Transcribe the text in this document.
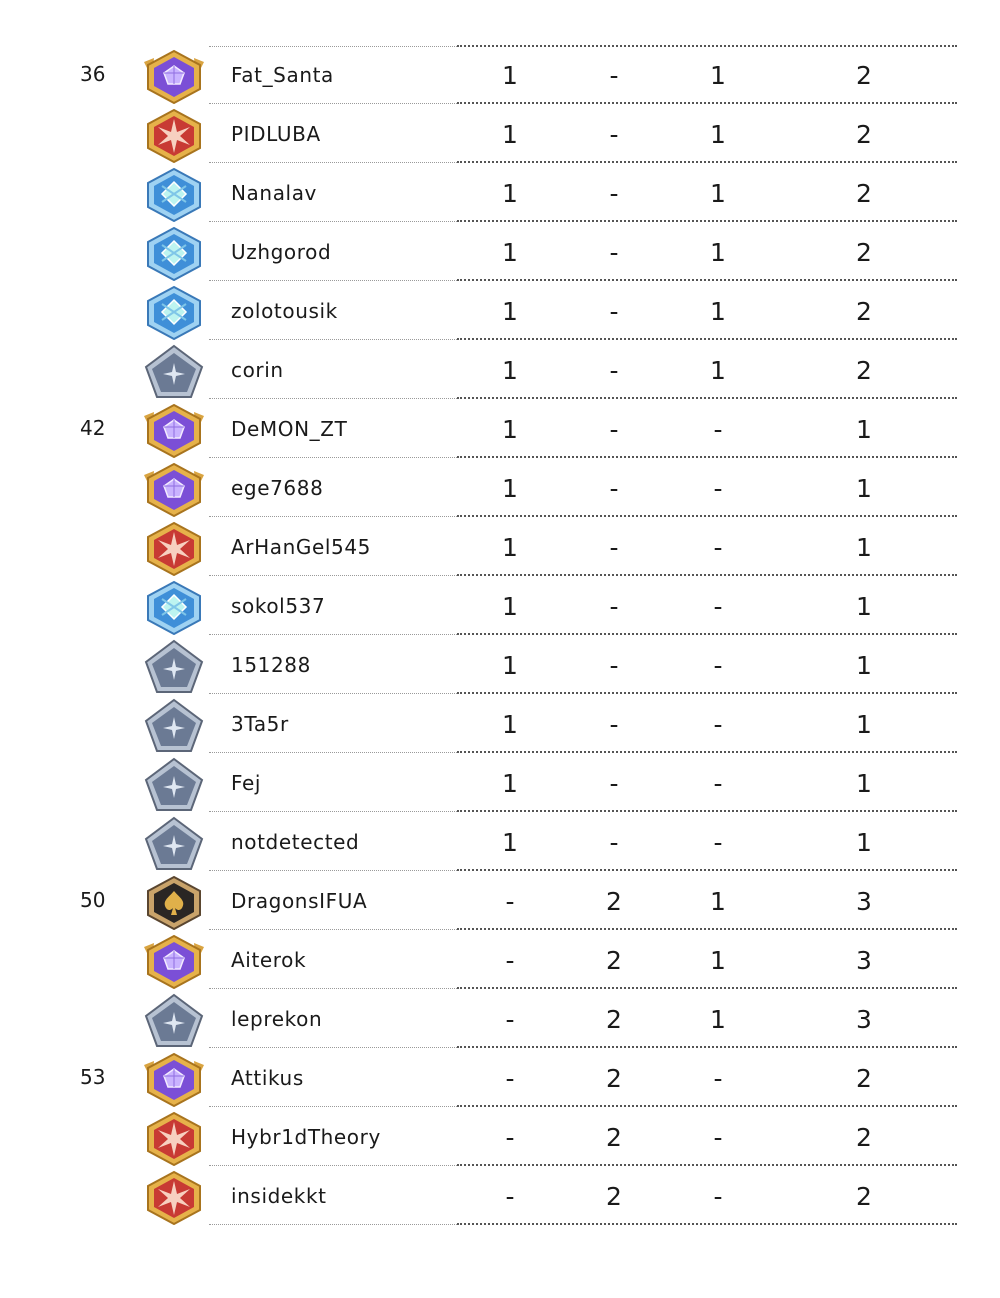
36	Fat_Santa	1	-	1	2
PIDLUBA	1	-	1	2
Nanalav	1	-	1	2
Uzhgorod	1	-	1	2
zolotousik	1	-	1	2
corin	1	-	1	2
42	DeMON_ZT	1	-	-	1
ege7688	1	-	-	1
ArHanGel545	1	-	-	1
sokol537	1	-	-	1
151288	1	-	-	1
3Ta5r	1	-	-	1
Fej	1	-	-	1
notdetected	1	-	-	1
50	DragonsIFUA	-	2	1	3
Aiterok	-	2	1	3
leprekon	-	2	1	3
53	Attikus	-	2	-	2
Hybr1dTheory	-	2	-	2
insidekkt	-	2	-	2
